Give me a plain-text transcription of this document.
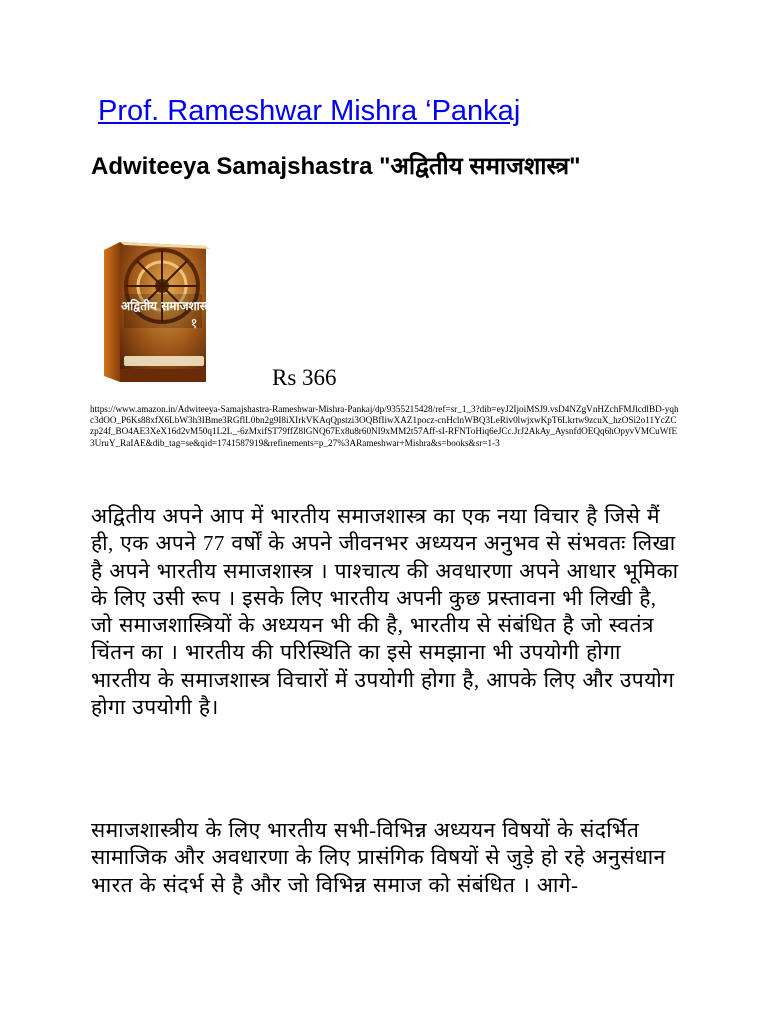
Prof. Rameshwar Mishra ‘Pankaj
Adwiteeya Samajshastra "अद्वितीय समाजशास्त्र"
अद्वितीय समाजशास्त्र
१
Rs 366
https://www.amazon.in/Adwiteeya-Samajshastra-Rameshwar-Mishra-Pankaj/dp/9355215428/ref=sr_1_3?dib=eyJ2IjoiMSJ9.vsD4NZgVnHZchFMJlcdlBD-yqhc3dOO_P6Ks88xfX6LbW3h3IBme3RGflL0bn2g9I8iXIrkVKAqQpstzi3OQBfIiwXAZ1pocz-cnHclnWBQ3LeRiv0lwjxwKpT6Lkrtw9zcuX_hzOSi2o11YcZCzp24f_BO4AE3XeX16d2vM50q1L2L_-6zMxifST79ffZ8lGNQ67Ex8u8r60NI9xMM2t57Aff-sI-RFNToHiq6eJCc.JrJ2AkAy_AysnfdOEQq6hOpyvVMCuWfE3UruY_RaIAE&dib_tag=se&qid=1741587919&refinements=p_27%3ARameshwar+Mishra&s=books&sr=1-3

अद्वितीय अपने आप में भारतीय समाजशास्त्र का एक नया विचार है जिसे मैं ही, एक अपने 77 वर्षों के अपने जीवनभर अध्ययन अनुभव से संभवतः लिखा है अपने भारतीय समाजशास्त्र । पाश्चात्य की अवधारणा अपने आधार भूमिका के लिए उसी रूप । इसके लिए भारतीय अपनी कुछ प्रस्तावना भी लिखी है, जो समाजशास्त्रियों के अध्ययन भी की है, भारतीय से संबंधित है जो स्वतंत्र चिंतन का । भारतीय की परिस्थिति का इसे समझाना भी उपयोगी होगा भारतीय के समाजशास्त्र विचारों में उपयोगी होगा है, आपके लिए और उपयोग होगा उपयोगी है।

समाजशास्त्रीय के लिए भारतीय सभी-विभिन्न अध्ययन विषयों के संदर्भित सामाजिक और अवधारणा के लिए प्रासंगिक विषयों से जुड़े हो रहे अनुसंधान भारत के संदर्भ से है और जो विभिन्न समाज को संबंधित । आगे-
